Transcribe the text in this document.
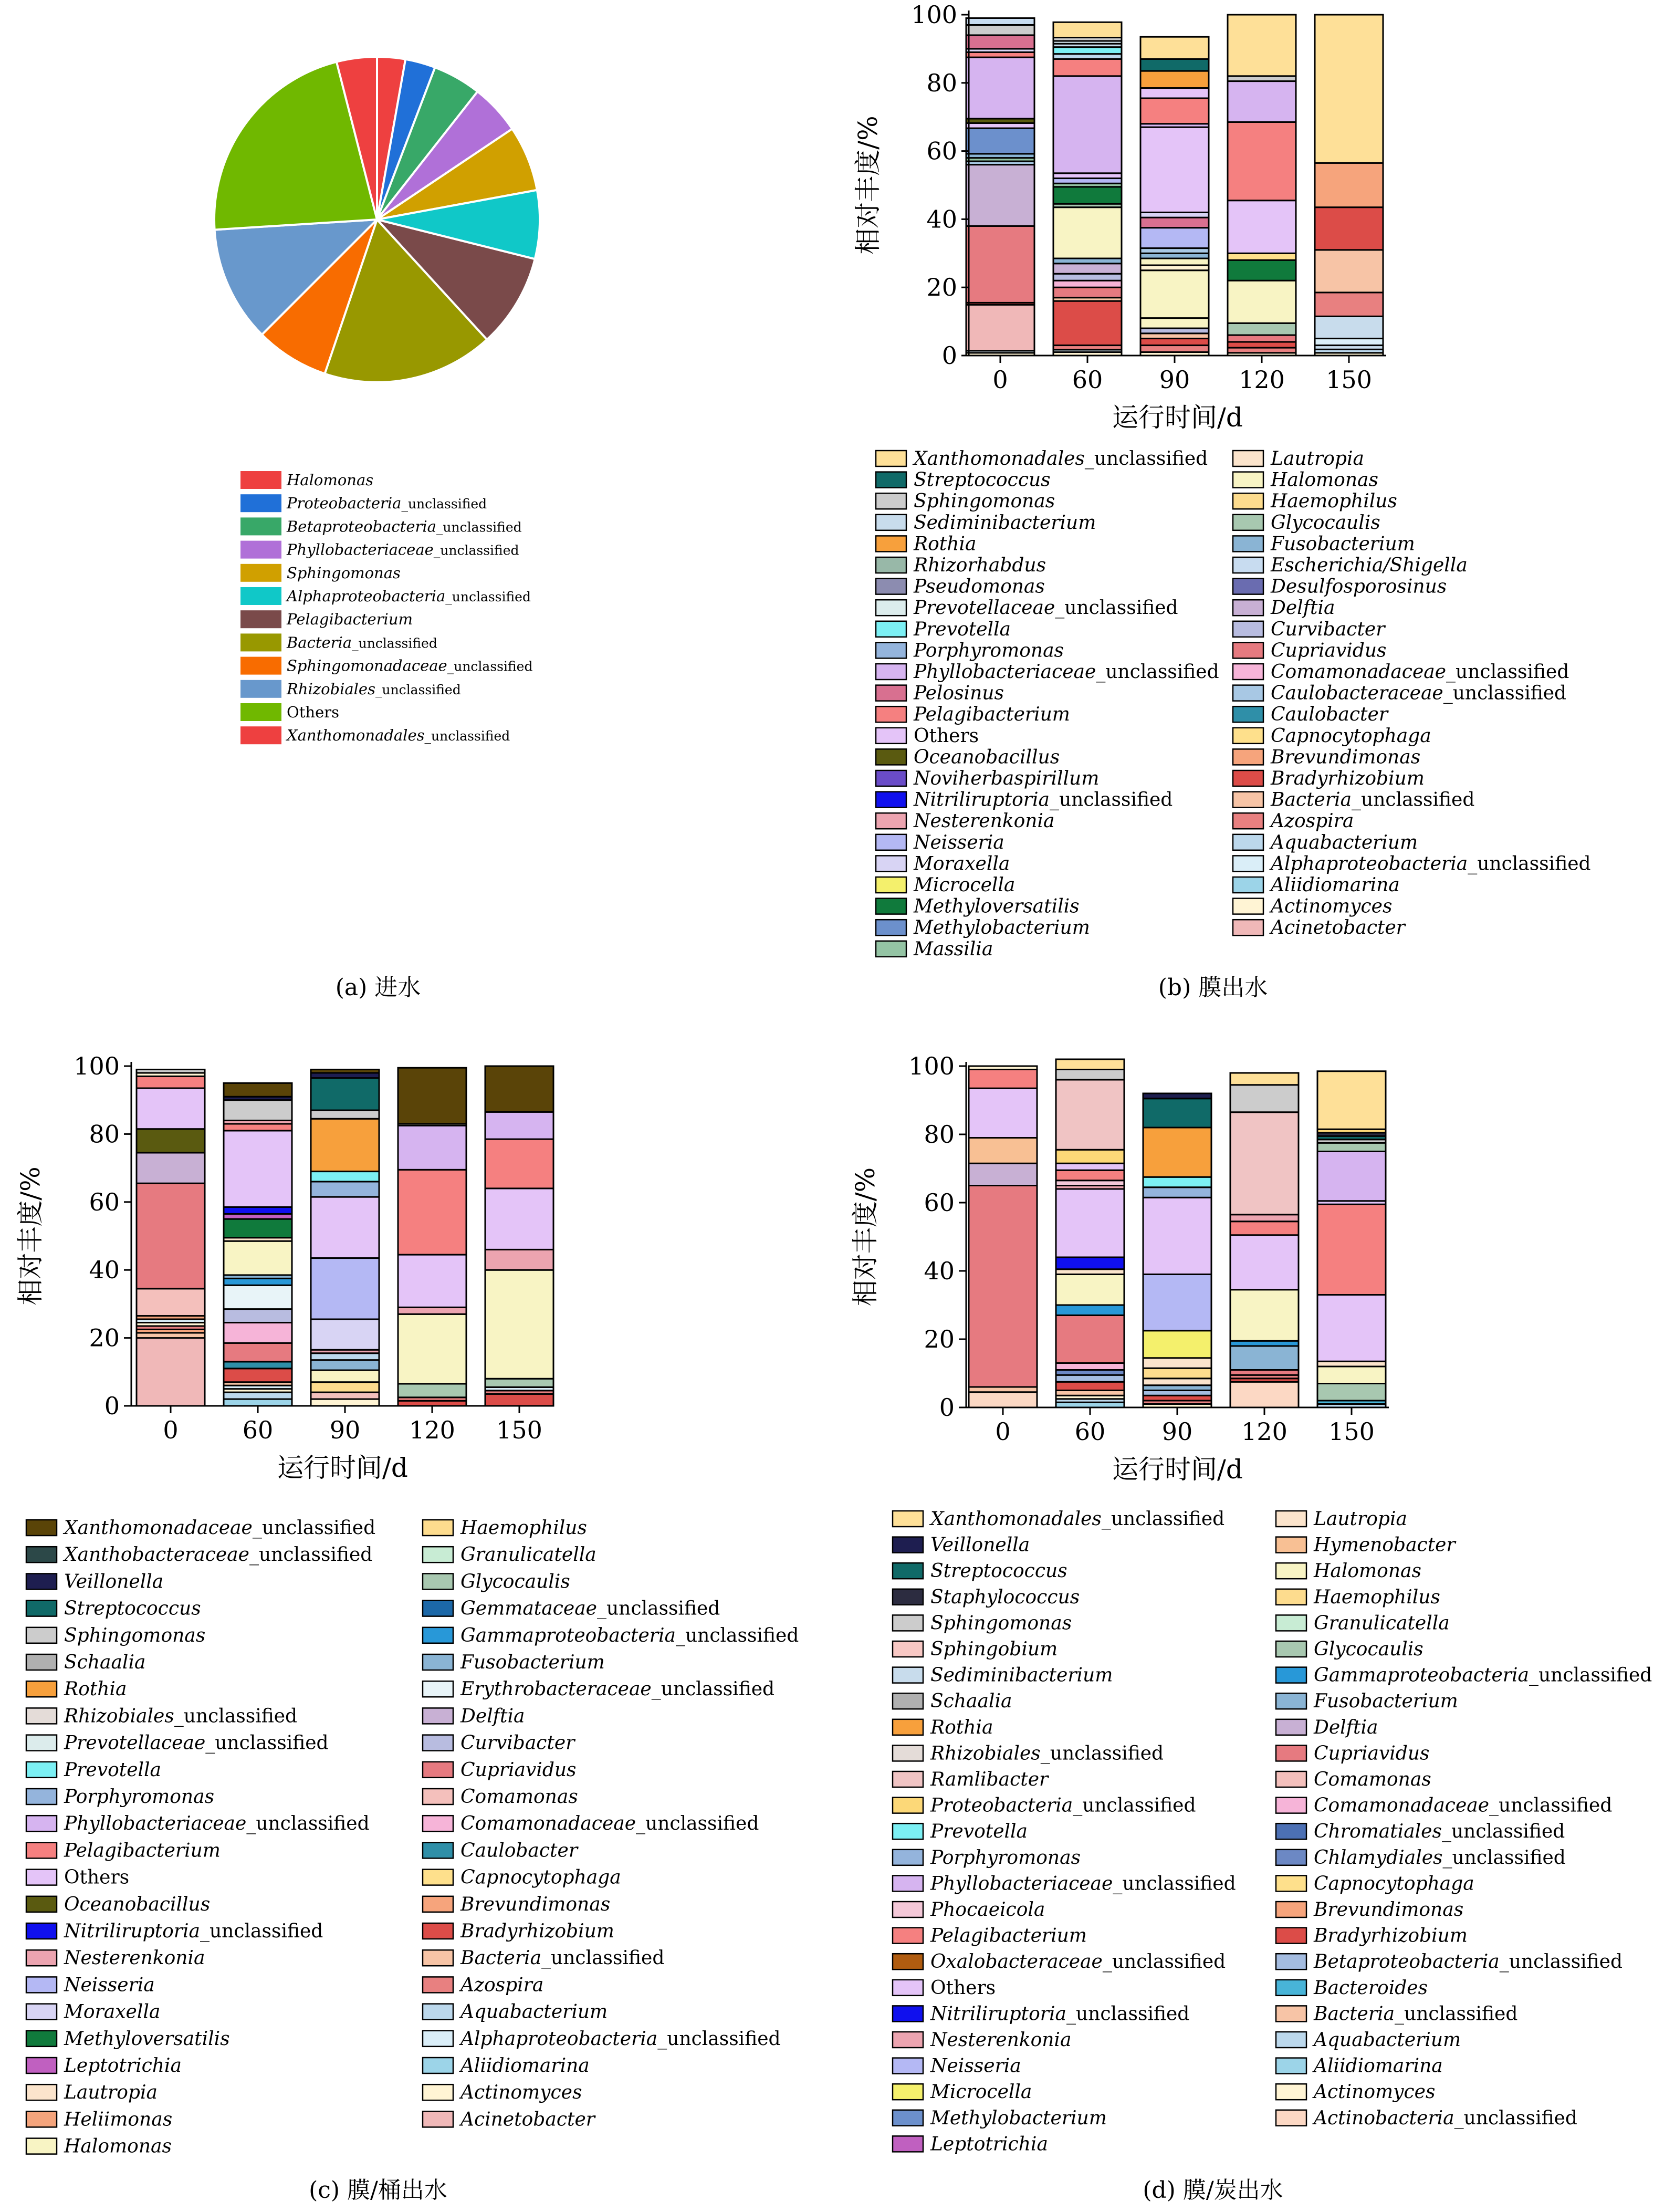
Halomonas
Proteobacteria_unclassified
Betaproteobacteria_unclassified
Phyllobacteriaceae_unclassified
Sphingomonas
Alphaproteobacteria_unclassified
Pelagibacterium
Bacteria_unclassified
Sphingomonadaceae_unclassified
Rhizobiales_unclassified
Others
Xanthomonadales_unclassified
0	60 90 120 150
0
20
40
60
80
100
运行时间/d
相对丰度/%
Xanthomonadales_unclassified
Streptococcus
Sphingomonas
Sediminibacterium
Rothia
Rhizorhabdus
Pseudomonas
Prevotellaceae_unclassified
Prevotella
Porphyromonas
Phyllobacteriaceae_unclassified
Pelosinus
Pelagibacterium
Others
Oceanobacillus
Noviherbaspirillum
Nitriliruptoria_unclassified
Nesterenkonia
Neisseria
Moraxella
Microcella
Methyloversatilis
Methylobacterium
Massilia
Lautropia
Halomonas
Haemophilus
Glycocaulis
Fusobacterium
Escherichia/Shigella
Desulfosporosinus
Delftia
Curvibacter
Cupriavidus
Comamonadaceae_unclassified
Caulobacteraceae_unclassified
Caulobacter
Capnocytophaga
Brevundimonas
Bradyrhizobium
Bacteria_unclassified
Azospira
Aquabacterium
Alphaproteobacteria_unclassified
Aliidiomarina
Actinomyces
Acinetobacter
0	60 90 120 150
0
20
40
60
80
100
运行时间/d
相对丰度/%
Xanthomonadaceae_unclassified
Xanthobacteraceae_unclassified
Veillonella
Streptococcus
Sphingomonas
Schaalia
Rothia
Rhizobiales_unclassified
Prevotellaceae_unclassified
Prevotella
Porphyromonas
Phyllobacteriaceae_unclassified
Pelagibacterium
Others
Oceanobacillus
Nitriliruptoria_unclassified
Nesterenkonia
Neisseria
Moraxella
Methyloversatilis
Leptotrichia
Lautropia
Heliimonas
Halomonas
Haemophilus
Granulicatella
Glycocaulis
Gemmataceae_unclassified
Gammaproteobacteria_unclassified
Fusobacterium
Erythrobacteraceae_unclassified
Delftia
Curvibacter
Cupriavidus
Comamonas
Comamonadaceae_unclassified
Caulobacter
Capnocytophaga
Brevundimonas
Bradyrhizobium
Bacteria_unclassified
Azospira
Aquabacterium
Alphaproteobacteria_unclassified
Aliidiomarina
Actinomyces
Acinetobacter
0	60 90 120 150
0
20
40
60
80
100
运行时间/d
相对丰度/%
Xanthomonadales_unclassified
Veillonella
Streptococcus
Staphylococcus
Sphingomonas
Sphingobium
Sediminibacterium
Schaalia
Rothia
Rhizobiales_unclassified
Ramlibacter
Proteobacteria_unclassified
Prevotella
Porphyromonas
Phyllobacteriaceae_unclassified
Phocaeicola
Pelagibacterium
Oxalobacteraceae_unclassified
Others
Nitriliruptoria_unclassified
Nesterenkonia
Neisseria
Microcella
Methylobacterium
Leptotrichia
Lautropia
Hymenobacter
Halomonas
Haemophilus
Granulicatella
Glycocaulis
Gammaproteobacteria_unclassified
Fusobacterium
Delftia
Cupriavidus
Comamonas
Comamonadaceae_unclassified
Chromatiales_unclassified
Chlamydiales_unclassified
Capnocytophaga
Brevundimonas
Bradyrhizobium
Betaproteobacteria_unclassified
Bacteroides
Bacteria_unclassified
Aquabacterium
Aliidiomarina
Actinomyces
Actinobacteria_unclassified
(a) 进水	(b) 膜出水
(c) 膜/桶出水	(d) 膜/炭出水
